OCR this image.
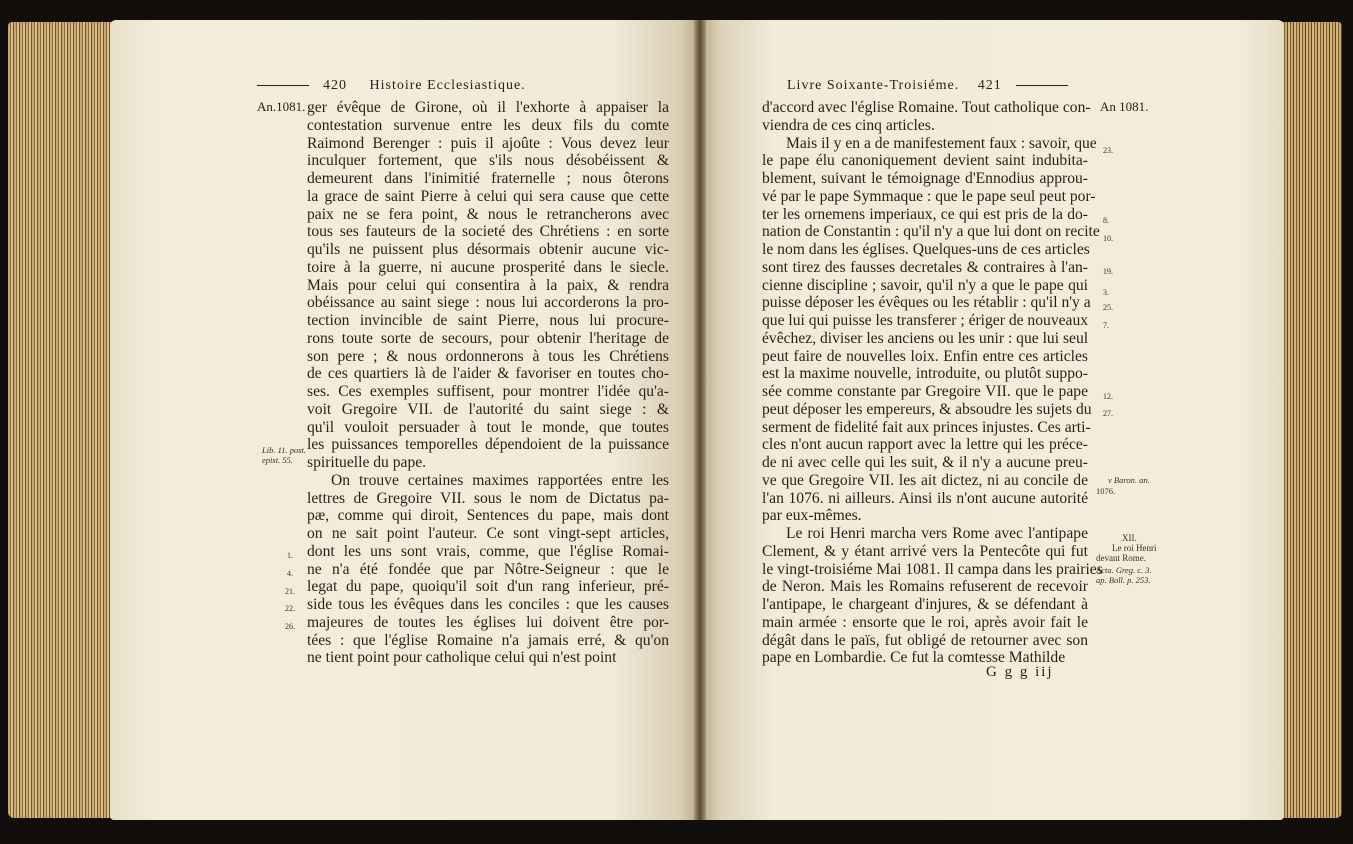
420 Histoire Ecclesiastique.
An.1081. ger évêque de Girone, où il l'exhorte à appaiser la
contestation survenue entre les deux fils du comte
Raimond Berenger : puis il ajoûte : Vous devez leur
inculquer fortement, que s'ils nous désobéissent &
demeurent dans l'inimitié fraternelle ; nous ôterons
la grace de saint Pierre à celui qui sera cause que cette
paix ne se fera point, & nous le retrancherons avec
tous ses fauteurs de la societé des Chrétiens : en sorte
qu'ils ne puissent plus désormais obtenir aucune vic-
toire à la guerre, ni aucune prosperité dans le siecle.
Mais pour celui qui consentira à la paix, & rendra
obéissance au saint siege : nous lui accorderons la pro-
tection invincible de saint Pierre, nous lui procure-
rons toute sorte de secours, pour obtenir l'heritage de
son pere ; & nous ordonnerons à tous les Chrétiens
de ces quartiers là de l'aider & favoriser en toutes cho-
ses. Ces exemples suffisent, pour montrer l'idée qu'a-
voit Gregoire VII. de l'autorité du saint siege : &
qu'il vouloit persuader à tout le monde, que toutes
les puissances temporelles dépendoient de la puissance
spirituelle du pape.
On trouve certaines maximes rapportées entre les
lettres de Gregoire VII. sous le nom de Dictatus pa-
pæ, comme qui diroit, Sentences du pape, mais dont
on ne sait point l'auteur. Ce sont vingt-sept articles,
dont les uns sont vrais, comme, que l'église Romai-
ne n'a été fondée que par Nôtre-Seigneur : que le
legat du pape, quoiqu'il soit d'un rang inferieur, pré-
side tous les évêques dans les conciles : que les causes
majeures de toutes les églises lui doivent être por-
tées : que l'église Romaine n'a jamais erré, & qu'on
ne tient point pour catholique celui qui n'est point
Lib. 11. post.
epist. 55.
1.
4.
21.
22.
26.
Livre Soixante-Troisiéme. 421
An 1081.
d'accord avec l'église Romaine. Tout catholique con-
viendra de ces cinq articles.
Mais il y en a de manifestement faux : savoir, que
le pape élu canoniquement devient saint indubita-
blement, suivant le témoignage d'Ennodius approu-
vé par le pape Symmaque : que le pape seul peut por-
ter les ornemens imperiaux, ce qui est pris de la do-
nation de Constantin : qu'il n'y a que lui dont on recite
le nom dans les églises. Quelques-uns de ces articles
sont tirez des fausses decretales & contraires à l'an-
cienne discipline ; savoir, qu'il n'y a que le pape qui
puisse déposer les évêques ou les rétablir : qu'il n'y a
que lui qui puisse les transferer ; ériger de nouveaux
évêchez, diviser les anciens ou les unir : que lui seul
peut faire de nouvelles loix. Enfin entre ces articles
est la maxime nouvelle, introduite, ou plutôt suppo-
sée comme constante par Gregoire VII. que le pape
peut déposer les empereurs, & absoudre les sujets du
serment de fidelité fait aux princes injustes. Ces arti-
cles n'ont aucun rapport avec la lettre qui les préce-
de ni avec celle qui les suit, & il n'y a aucune preu-
ve que Gregoire VII. les ait dictez, ni au concile de
l'an 1076. ni ailleurs. Ainsi ils n'ont aucune autorité
par eux-mêmes.
Le roi Henri marcha vers Rome avec l'antipape
Clement, & y étant arrivé vers la Pentecôte qui fut
le vingt-troisiéme Mai 1081. Il campa dans les prairies
de Neron. Mais les Romains refuserent de recevoir
l'antipape, le chargeant d'injures, & se défendant à
main armée : ensorte que le roi, après avoir fait le
dégât dans le païs, fut obligé de retourner avec son
pape en Lombardie. Ce fut la comtesse Mathilde
23.
8.
10.
19.
3.
25.
7.
12.
27.
v Baron. an.
1076.
XII.
Le roi Henri
devant Rome.
Acta. Greg. c. 3.
ap. Boll. p. 253.
G g g iij
